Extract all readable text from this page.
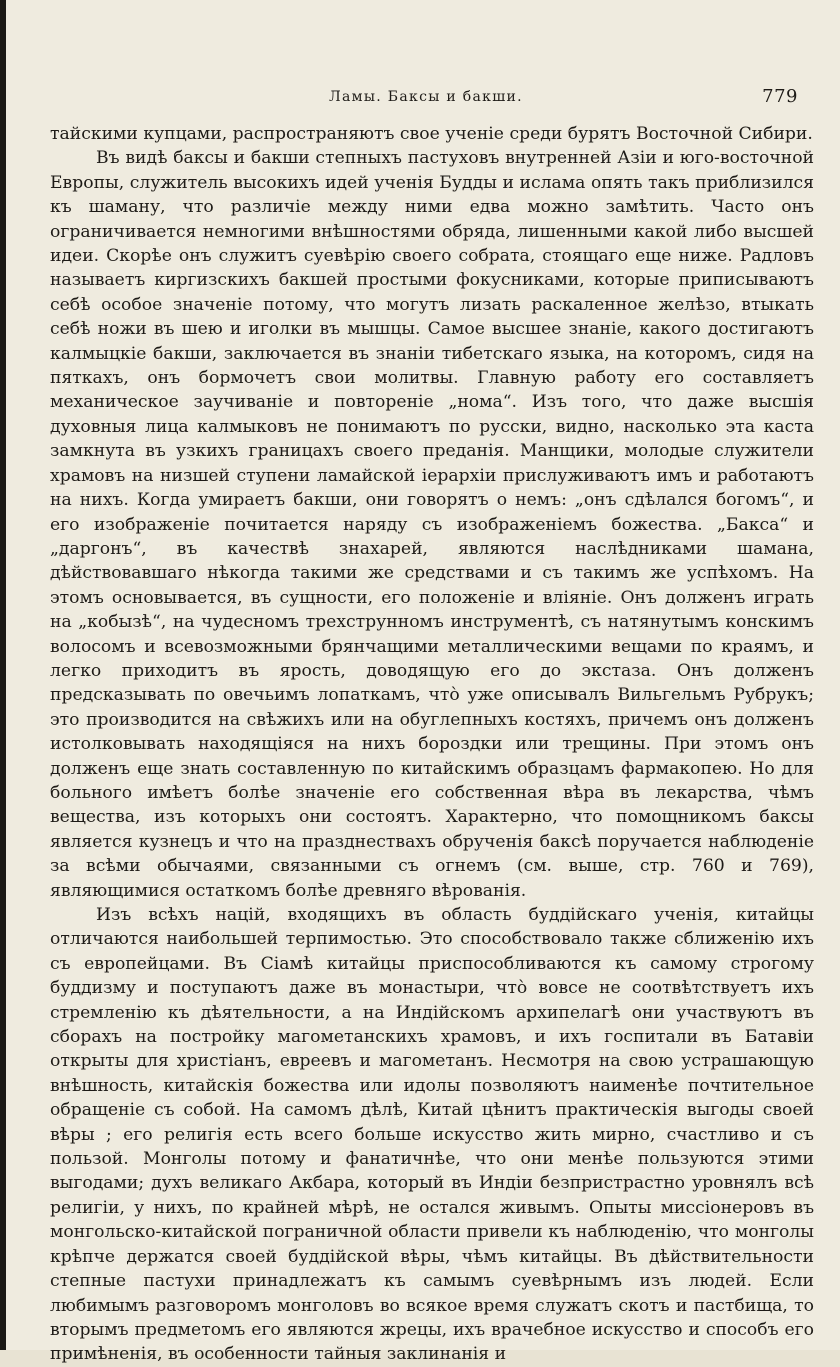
Ламы. Баксы и бакши.	779

тайскими купцами, распространяютъ свое ученіе среди бурятъ Восточной Сибири.

Въ видѣ баксы и бакши степныхъ пастуховъ внутренней Азіи и юго-восточной Европы, служитель высокихъ идей ученія Будды и ислама опять такъ приблизился къ шаману, что различіе между ними едва можно замѣтить. Часто онъ ограничивается немногими внѣшностями обряда, лишенными какой либо высшей идеи. Скорѣе онъ служитъ суевѣрію своего собрата, стоящаго еще ниже. Радловъ называетъ киргизскихъ бакшей простыми фокусниками, которые приписываютъ себѣ особое значеніе потому, что могутъ лизать раскаленное желѣзо, втыкать себѣ ножи въ шею и иголки въ мышцы. Самое высшее знаніе, какого достигаютъ калмыцкіе бакши, заключается въ знаніи тибетскаго языка, на которомъ, сидя на пяткахъ, онъ бормочетъ свои молитвы. Главную работу его составляетъ механическое заучиваніе и повтореніе „нома“. Изъ того, что даже высшія духовныя лица калмыковъ не понимаютъ по русски, видно, насколько эта каста замкнута въ узкихъ границахъ своего преданія. Манщики, молодые служители храмовъ на низшей ступени ламайской іерархіи прислуживаютъ имъ и работаютъ на нихъ. Когда умираетъ бакши, они говорятъ о немъ: „онъ сдѣлался богомъ“, и его изображеніе почитается наряду съ изображеніемъ божества. „Бакса“ и „даргонъ“, въ качествѣ знахарей, являются наслѣдниками шамана, дѣйствовавшаго нѣкогда такими же средствами и съ такимъ же успѣхомъ. На этомъ основывается, въ сущности, его положеніе и вліяніе. Онъ долженъ играть на „кобызѣ“, на чудесномъ трехструнномъ инструментѣ, съ натянутымъ конскимъ волосомъ и всевозможными брянчащими металлическими вещами по краямъ, и легко приходитъ въ ярость, доводящую его до экстаза. Онъ долженъ предсказывать по овечьимъ лопаткамъ, что̀ уже описывалъ Вильгельмъ Рубрукъ; это производится на свѣжихъ или на обуглепныхъ костяхъ, причемъ онъ долженъ истолковывать находящіяся на нихъ бороздки или трещины. При этомъ онъ долженъ еще знать составленную по китайскимъ образцамъ фармакопею. Но для больного имѣетъ болѣе значеніе его собственная вѣра въ лекарства, чѣмъ вещества, изъ которыхъ они состоятъ. Характерно, что помощникомъ баксы является кузнецъ и что на празднествахъ обрученія баксѣ поручается наблюденіе за всѣми обычаями, связанными съ огнемъ (см. выше, стр. 760 и 769), являющимися остаткомъ болѣе древняго вѣрованія.

Изъ всѣхъ націй, входящихъ въ область буддійскаго ученія, китайцы отличаются наибольшей терпимостью. Это способствовало также сближенію ихъ съ европейцами. Въ Сіамѣ китайцы приспособливаются къ самому строгому буддизму и поступаютъ даже въ монастыри, что̀ вовсе не соотвѣтствуетъ ихъ стремленію къ дѣятельности, а на Индійскомъ архипелагѣ они участвуютъ въ сборахъ на постройку магометанскихъ храмовъ, и ихъ госпитали въ Батавіи открыты для христіанъ, евреевъ и магометанъ. Несмотря на свою устрашающую внѣшность, китайскія божества или идолы позволяютъ наименѣе почтительное обращеніе съ собой. На самомъ дѣлѣ, Китай цѣнитъ практическія выгоды своей вѣры ; его религія есть всего больше искусство жить мирно, счастливо и съ пользой. Монголы потому и фанатичнѣе, что они менѣе пользуются этими выгодами; духъ великаго Акбара, который въ Индіи безпристрастно уровнялъ всѣ религіи, у нихъ, по крайней мѣрѣ, не остался живымъ. Опыты миссіонеровъ въ монгольско-китайской пограничной области привели къ наблюденію, что монголы крѣпче держатся своей буддійской вѣры, чѣмъ китайцы. Въ дѣйствительности степные пастухи принадлежатъ къ самымъ суевѣрнымъ изъ людей. Если любимымъ разговоромъ монголовъ во всякое время служатъ скотъ и пастбища, то вторымъ предметомъ его являются жрецы, ихъ врачебное искусство и способъ его примѣненія, въ особенности тайныя заклинанія и
